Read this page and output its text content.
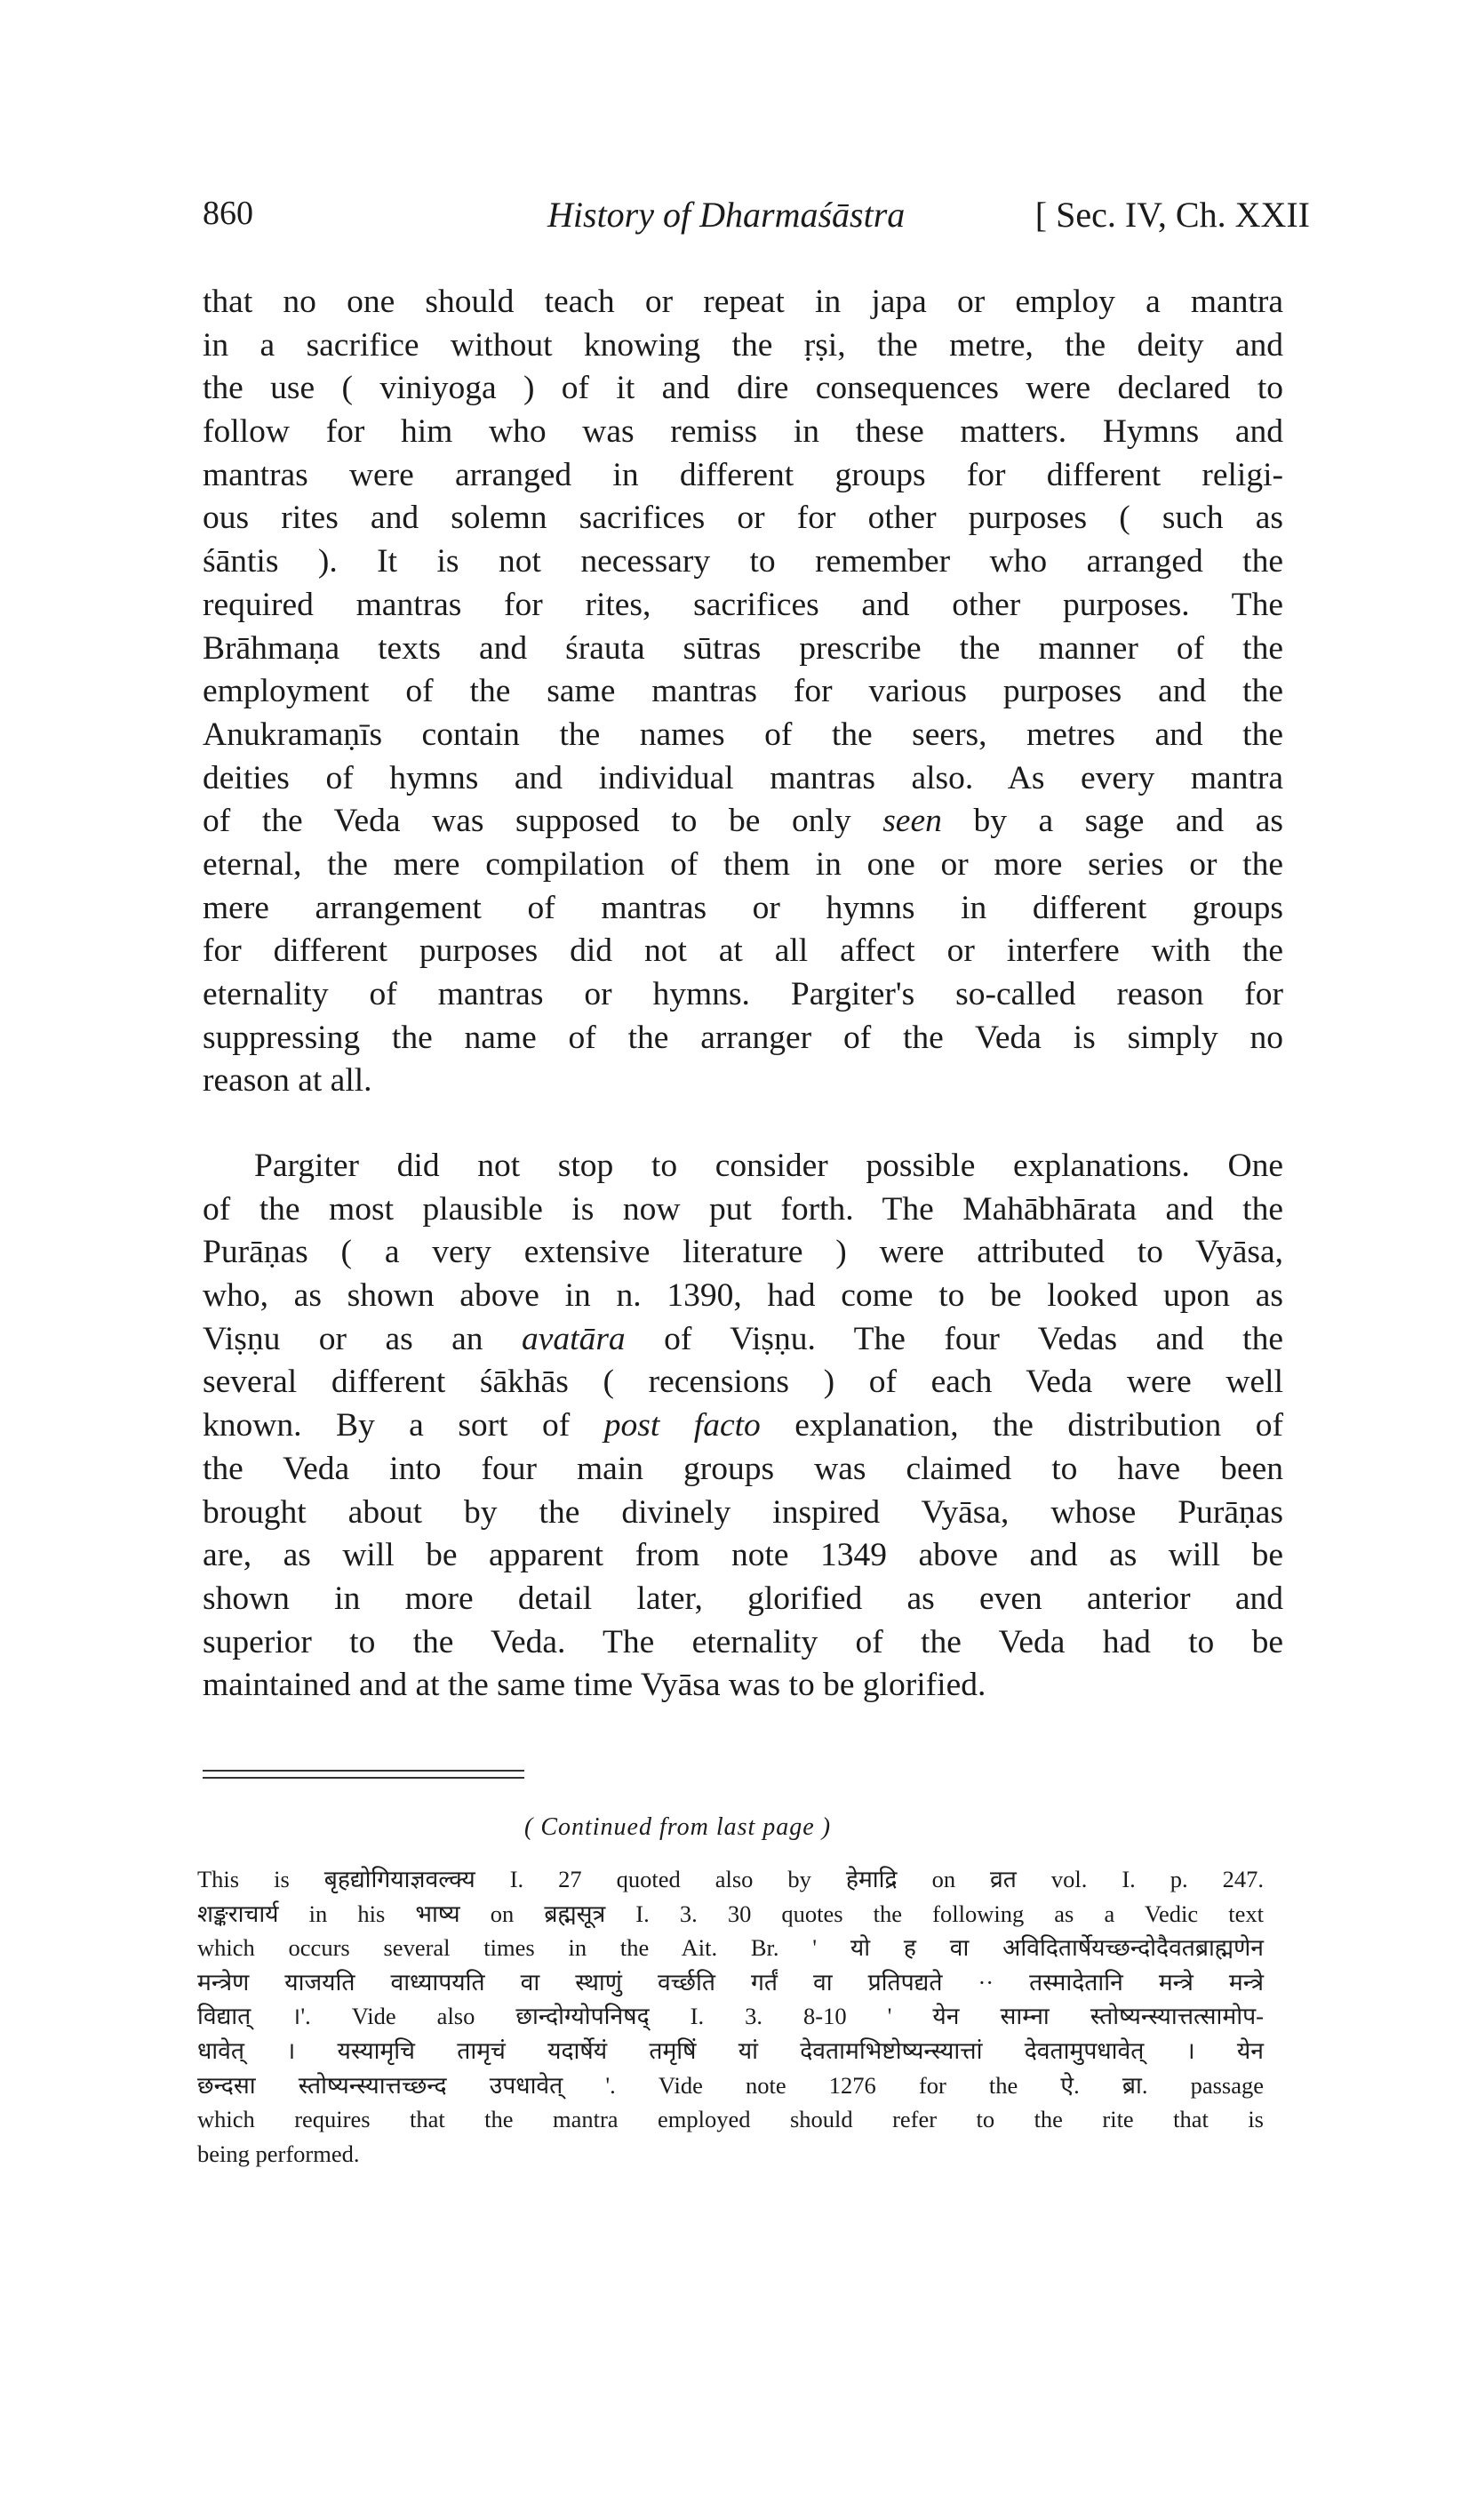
860	History of Dharmaśāstra	[ Sec. IV, Ch. XXII
that no one should teach or repeat in japa or employ a mantra
in a sacrifice without knowing the ṛṣi, the metre, the deity and
the use ( viniyoga ) of it and dire consequences were declared to
follow for him who was remiss in these matters. Hymns and
mantras were arranged in different groups for different religi-
ous rites and solemn sacrifices or for other purposes ( such as
śāntis ). It is not necessary to remember who arranged the
required mantras for rites, sacrifices and other purposes. The
Brāhmaṇa texts and śrauta sūtras prescribe the manner of the
employment of the same mantras for various purposes and the
Anukramaṇīs contain the names of the seers, metres and the
deities of hymns and individual mantras also. As every mantra
of the Veda was supposed to be only seen by a sage and as
eternal, the mere compilation of them in one or more series or the
mere arrangement of mantras or hymns in different groups
for different purposes did not at all affect or interfere with the
eternality of mantras or hymns. Pargiter's so-called reason for
suppressing the name of the arranger of the Veda is simply no
reason at all.
Pargiter did not stop to consider possible explanations. One
of the most plausible is now put forth. The Mahābhārata and the
Purāṇas ( a very extensive literature ) were attributed to Vyāsa,
who, as shown above in n. 1390, had come to be looked upon as
Viṣṇu or as an avatāra of Viṣṇu. The four Vedas and the
several different śākhās ( recensions ) of each Veda were well
known. By a sort of post facto explanation, the distribution of
the Veda into four main groups was claimed to have been
brought about by the divinely inspired Vyāsa, whose Purāṇas
are, as will be apparent from note 1349 above and as will be
shown in more detail later, glorified as even anterior and
superior to the Veda. The eternality of the Veda had to be
maintained and at the same time Vyāsa was to be glorified.
( Continued from last page )
This is बृहद्योगियाज्ञवल्क्य I. 27 quoted also by हेमाद्रि on व्रत vol. I. p. 247.
शङ्कराचार्य in his भाष्य on ब्रह्मसूत्र I. 3. 30 quotes the following as a Vedic text
which occurs several times in the Ait. Br. ' यो ह वा अविदितार्षेयच्छन्दोदैवतब्राह्मणेन
मन्त्रेण याजयति वाध्यापयति वा स्थाणुं वर्च्छति गर्तं वा प्रतिपद्यते ·· तस्मादेतानि मन्त्रे मन्त्रे
विद्यात् ।'. Vide also छान्दोग्योपनिषद् I. 3. 8-10 ' येन साम्ना स्तोष्यन्स्यात्तत्सामोप-
धावेत् । यस्यामृचि तामृचं यदार्षेयं तमृषिं यां देवतामभिष्टोष्यन्स्यात्तां देवतामुपधावेत् । येन
छन्दसा स्तोष्यन्स्यात्तच्छन्द उपधावेत् '. Vide note 1276 for the ऐ. ब्रा. passage
which requires that the mantra employed should refer to the rite that is
being performed.
